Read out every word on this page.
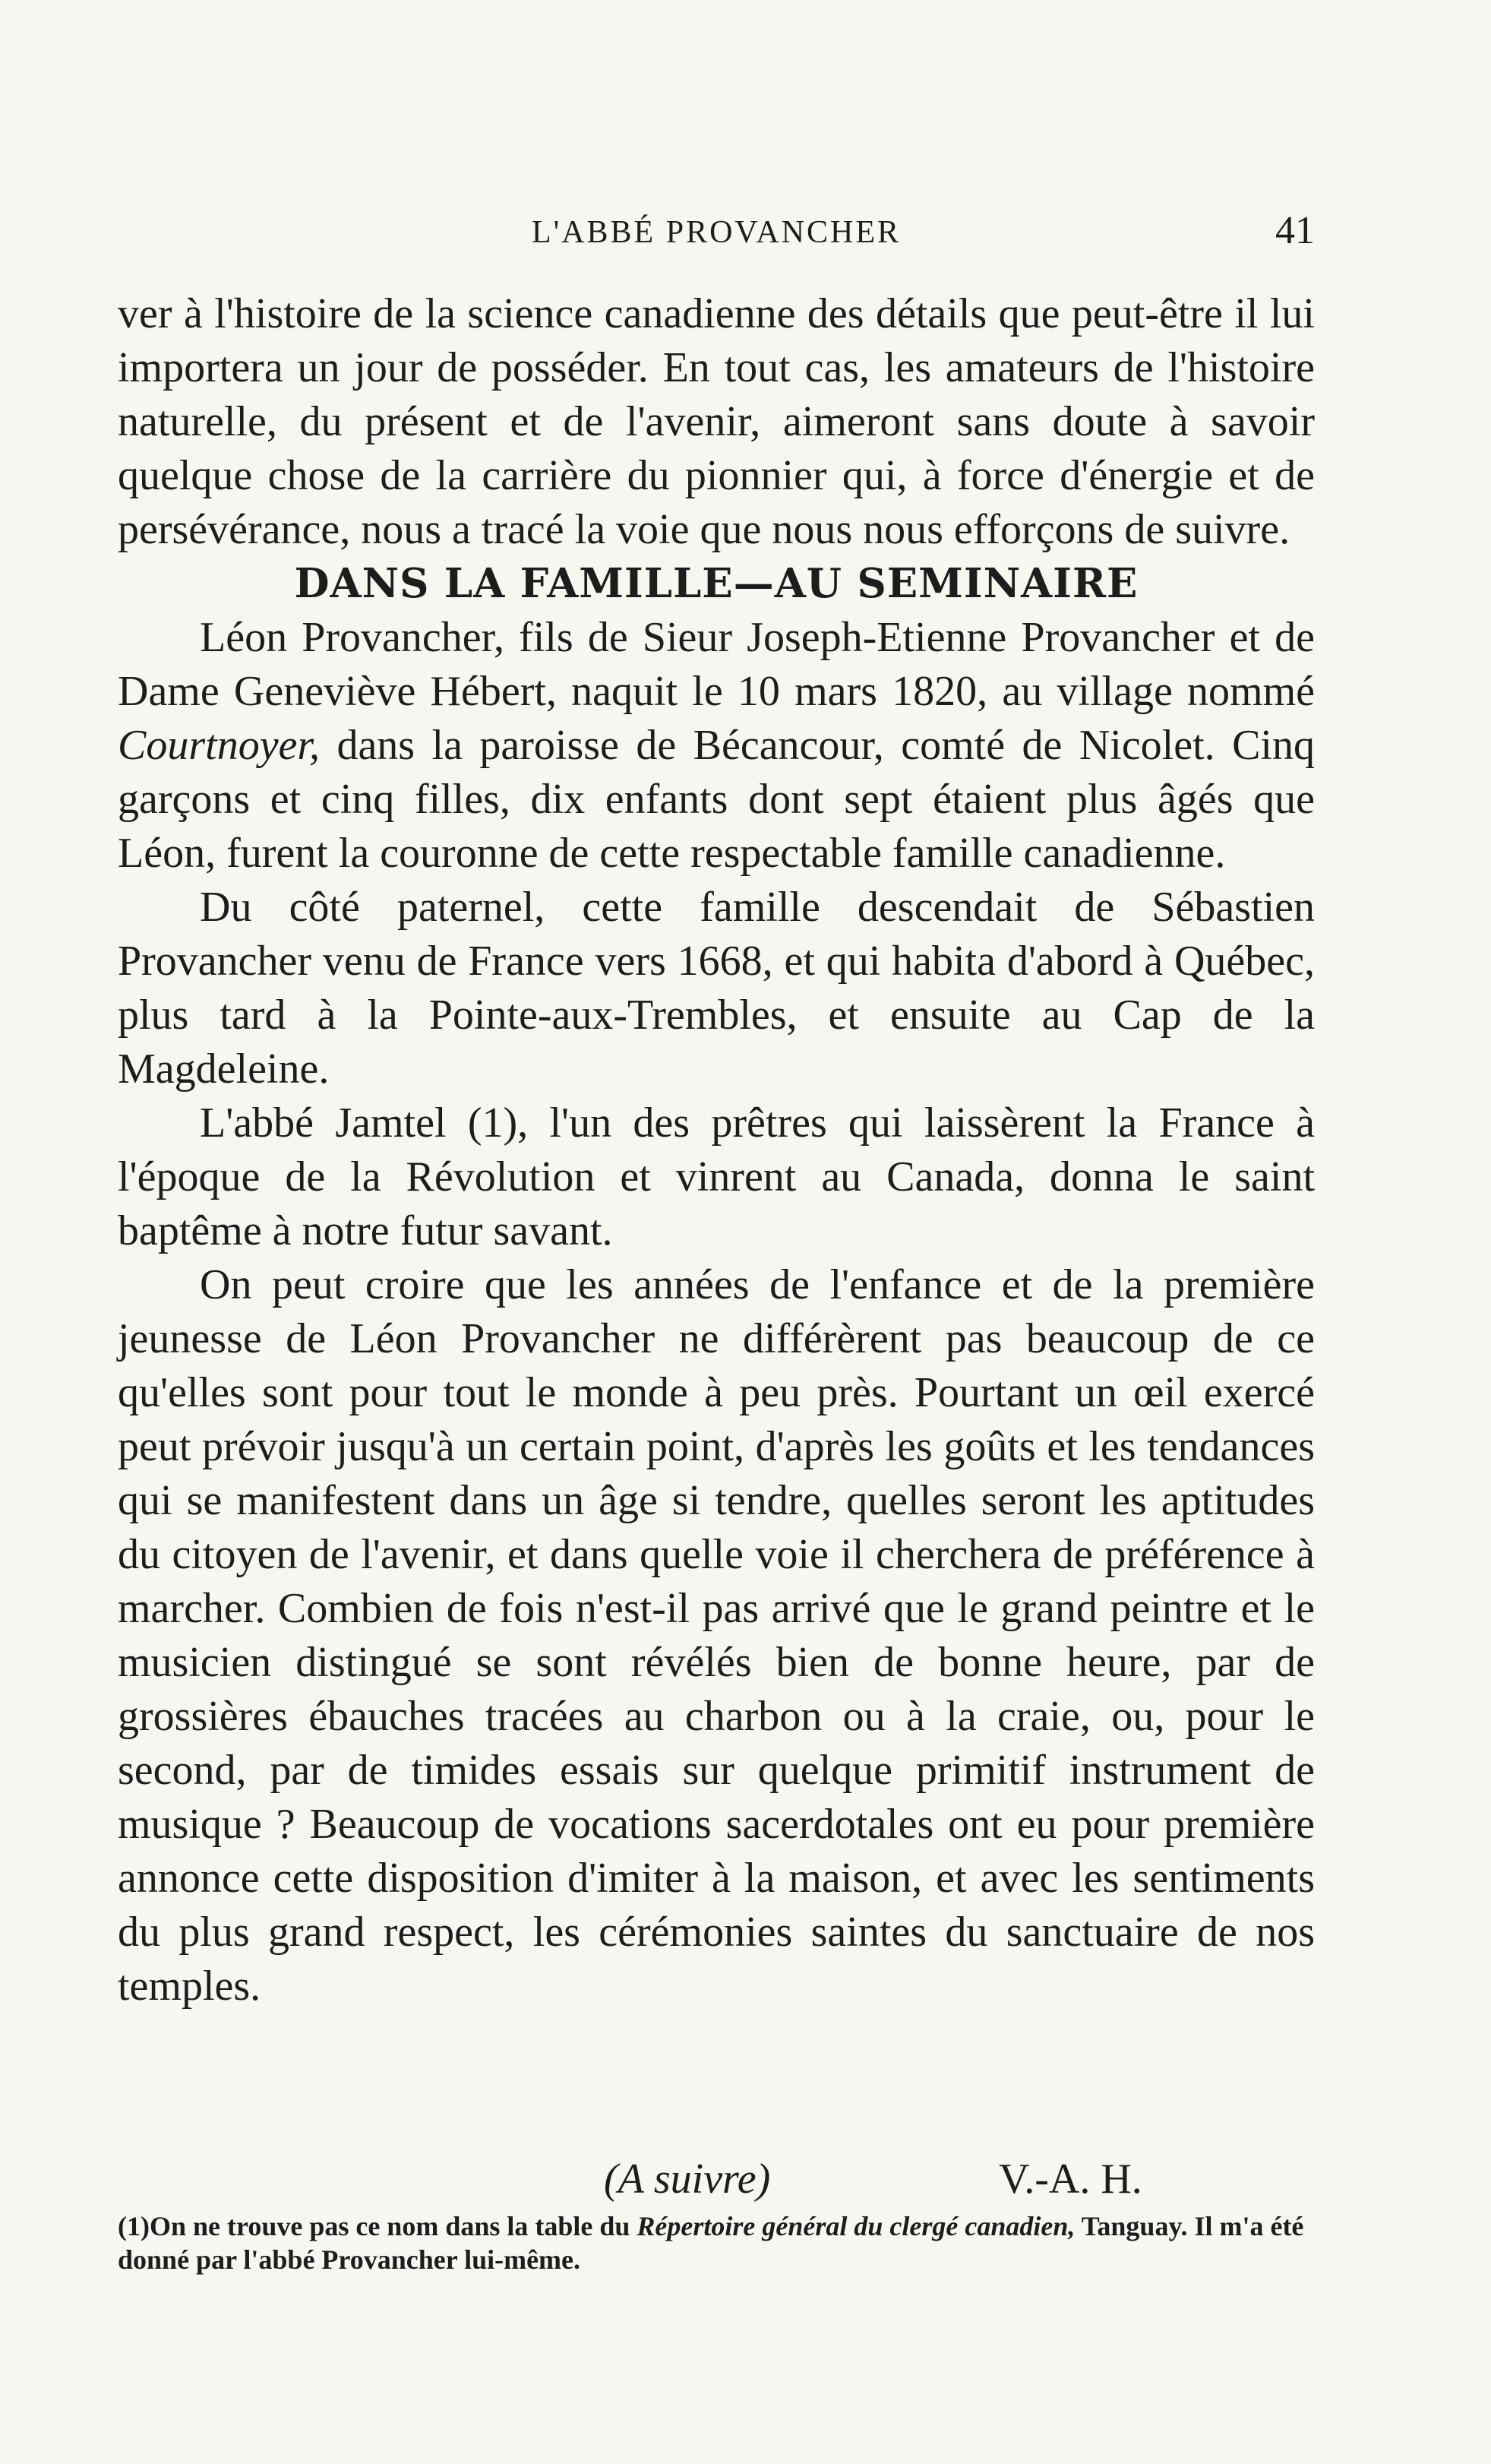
L'ABBÉ PROVANCHER	41

ver à l'histoire de la science canadienne des détails que peut-être il lui importera un jour de posséder. En tout cas, les amateurs de l'histoire naturelle, du présent et de l'avenir, aimeront sans doute à savoir quelque chose de la carrière du pionnier qui, à force d'énergie et de persévérance, nous a tracé la voie que nous nous efforçons de suivre.

DANS LA FAMILLE—AU SEMINAIRE

Léon Provancher, fils de Sieur Joseph-Etienne Provancher et de Dame Geneviève Hébert, naquit le 10 mars 1820, au village nommé Courtnoyer, dans la paroisse de Bécancour, comté de Nicolet. Cinq garçons et cinq filles, dix enfants dont sept étaient plus âgés que Léon, furent la couronne de cette respectable famille canadienne.

Du côté paternel, cette famille descendait de Sébastien Provancher venu de France vers 1668, et qui habita d'abord à Québec, plus tard à la Pointe-aux-Trembles, et ensuite au Cap de la Magdeleine.

L'abbé Jamtel (1), l'un des prêtres qui laissèrent la France à l'époque de la Révolution et vinrent au Canada, donna le saint baptême à notre futur savant.

On peut croire que les années de l'enfance et de la première jeunesse de Léon Provancher ne différèrent pas beaucoup de ce qu'elles sont pour tout le monde à peu près. Pourtant un œil exercé peut prévoir jusqu'à un certain point, d'après les goûts et les tendances qui se manifestent dans un âge si tendre, quelles seront les aptitudes du citoyen de l'avenir, et dans quelle voie il cherchera de préférence à marcher. Combien de fois n'est-il pas arrivé que le grand peintre et le musicien distingué se sont révélés bien de bonne heure, par de grossières ébauches tracées au charbon ou à la craie, ou, pour le second, par de timides essais sur quelque primitif instrument de musique ? Beaucoup de vocations sacerdotales ont eu pour première annonce cette disposition d'imiter à la maison, et avec les sentiments du plus grand respect, les cérémonies saintes du sanctuaire de nos temples.

(A suivre)	V.-A. H.

(1)On ne trouve pas ce nom dans la table du Répertoire général du clergé canadien, Tanguay. Il m'a été donné par l'abbé Provancher lui-même.
